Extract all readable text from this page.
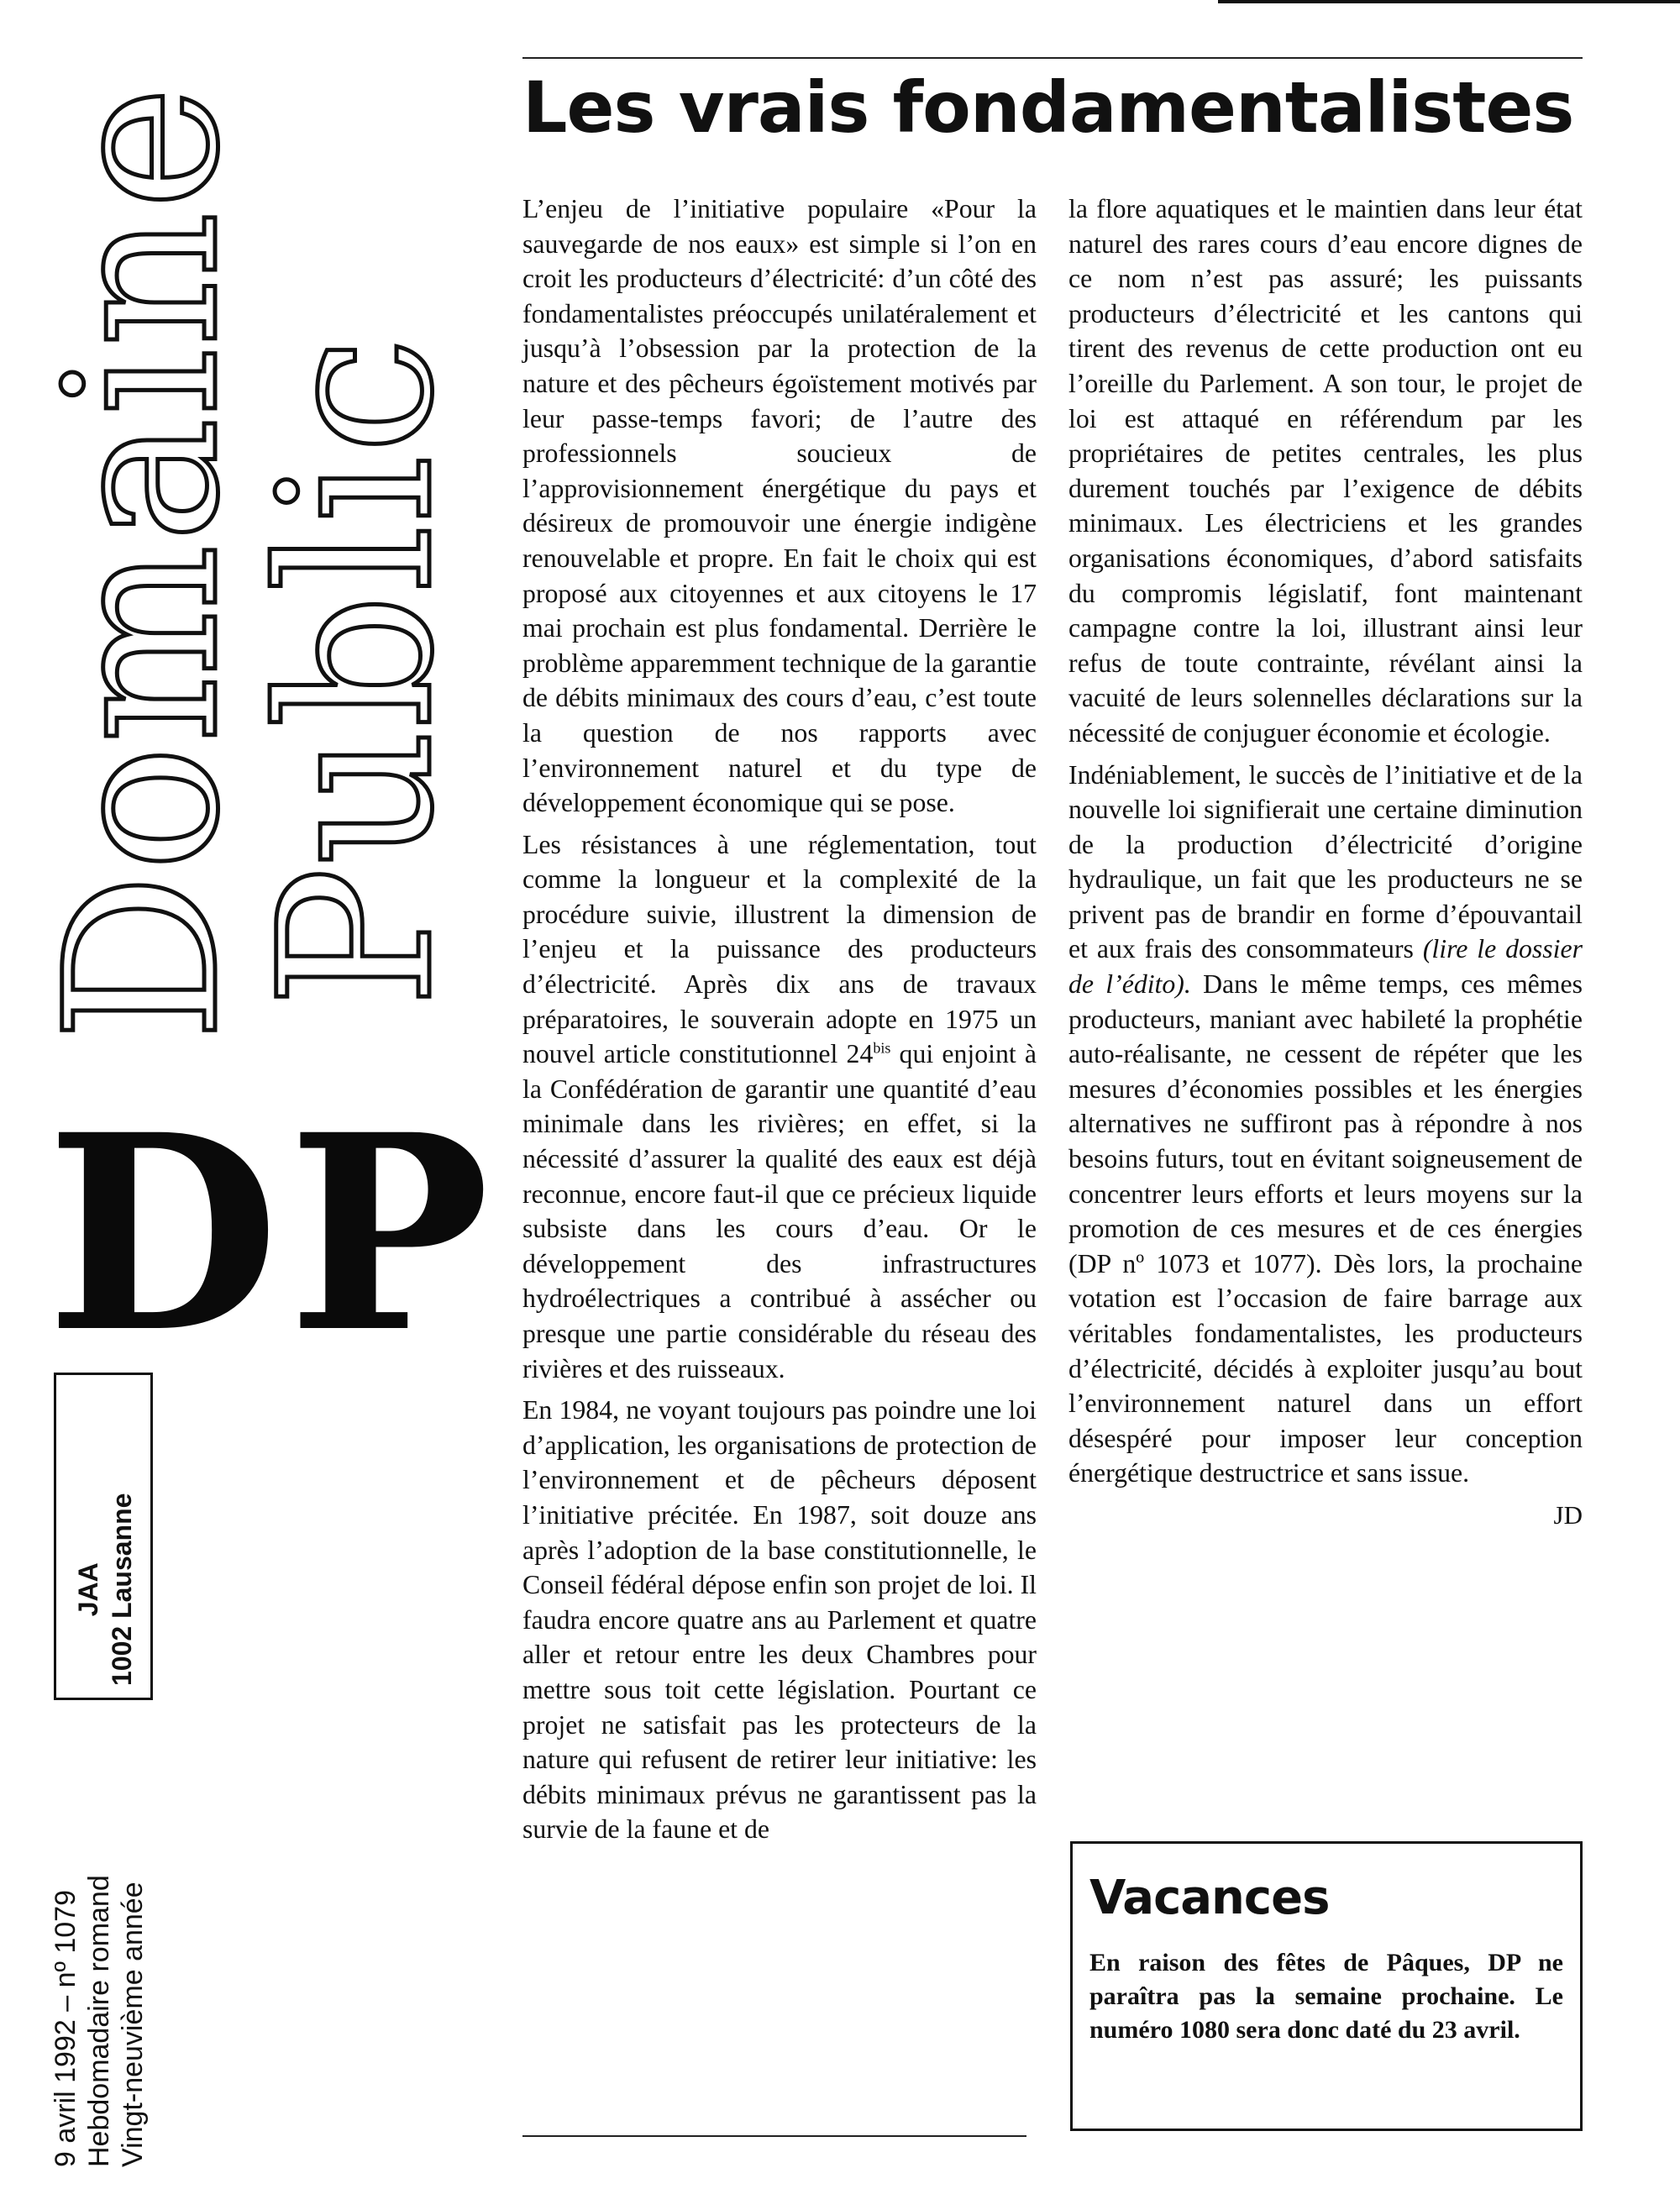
Domaine
Public
DP
JAA 1002 Lausanne
9 avril 1992 – nº 1079 Hebdomadaire romand Vingt-neuvième année
Les vrais fondamentalistes

L’enjeu de l’initiative populaire «Pour la sauvegarde de nos eaux» est simple si l’on en croit les producteurs d’électricité: d’un côté des fondamentalistes préoccupés unilatéralement et jusqu’à l’obsession par la protection de la nature et des pêcheurs égoïstement motivés par leur passe-temps favori; de l’autre des professionnels soucieux de l’approvisionnement énergétique du pays et désireux de promouvoir une énergie indigène renouvelable et propre. En fait le choix qui est proposé aux citoyennes et aux citoyens le 17 mai prochain est plus fondamental. Derrière le problème apparemment technique de la garantie de débits minimaux des cours d’eau, c’est toute la question de nos rapports avec l’environnement naturel et du type de développement économique qui se pose.

Les résistances à une réglementation, tout comme la longueur et la complexité de la procédure suivie, illustrent la dimension de l’enjeu et la puissance des producteurs d’électricité. Après dix ans de travaux préparatoires, le souverain adopte en 1975 un nouvel article constitutionnel $24^{bis}$ qui enjoint à la Confédération de garantir une quantité d’eau minimale dans les rivières; en effet, si la nécessité d’assurer la qualité des eaux est déjà reconnue, encore faut-il que ce précieux liquide subsiste dans les cours d’eau. Or le développement des infrastructures hydroélectriques a contribué à assécher ou presque une partie considérable du réseau des rivières et des ruisseaux.

En 1984, ne voyant toujours pas poindre une loi d’application, les organisations de protection de l’environnement et de pêcheurs déposent l’initiative précitée. En 1987, soit douze ans après l’adoption de la base constitutionnelle, le Conseil fédéral dépose enfin son projet de loi. Il faudra encore quatre ans au Parlement et quatre aller et retour entre les deux Chambres pour mettre sous toit cette législation. Pourtant ce projet ne satisfait pas les protecteurs de la nature qui refusent de retirer leur initiative: les débits minimaux prévus ne garantissent pas la survie de la faune et de

la flore aquatiques et le maintien dans leur état naturel des rares cours d’eau encore dignes de ce nom n’est pas assuré; les puissants producteurs d’électricité et les cantons qui tirent des revenus de cette production ont eu l’oreille du Parlement. A son tour, le projet de loi est attaqué en référendum par les propriétaires de petites centrales, les plus durement touchés par l’exigence de débits minimaux. Les électriciens et les grandes organisations économiques, d’abord satisfaits du compromis législatif, font maintenant campagne contre la loi, illustrant ainsi leur refus de toute contrainte, révélant ainsi la vacuité de leurs solennelles déclarations sur la nécessité de conjuguer économie et écologie.

Indéniablement, le succès de l’initiative et de la nouvelle loi signifierait une certaine diminution de la production d’électricité d’origine hydraulique, un fait que les producteurs ne se privent pas de brandir en forme d’épouvantail et aux frais des consommateurs (lire le dossier de l’édito). Dans le même temps, ces mêmes producteurs, maniant avec habileté la prophétie auto-réalisante, ne cessent de répéter que les mesures d’économies possibles et les énergies alternatives ne suffiront pas à répondre à nos besoins futurs, tout en évitant soigneusement de concentrer leurs efforts et leurs moyens sur la promotion de ces mesures et de ces énergies (DP nº 1073 et 1077). Dès lors, la prochaine votation est l’occasion de faire barrage aux véritables fondamentalistes, les producteurs d’électricité, décidés à exploiter jusqu’au bout l’environnement naturel dans un effort désespéré pour imposer leur conception énergétique destructrice et sans issue.

JD
Vacances

En raison des fêtes de Pâques, DP ne paraîtra pas la semaine prochaine. Le numéro 1080 sera donc daté du 23 avril.
